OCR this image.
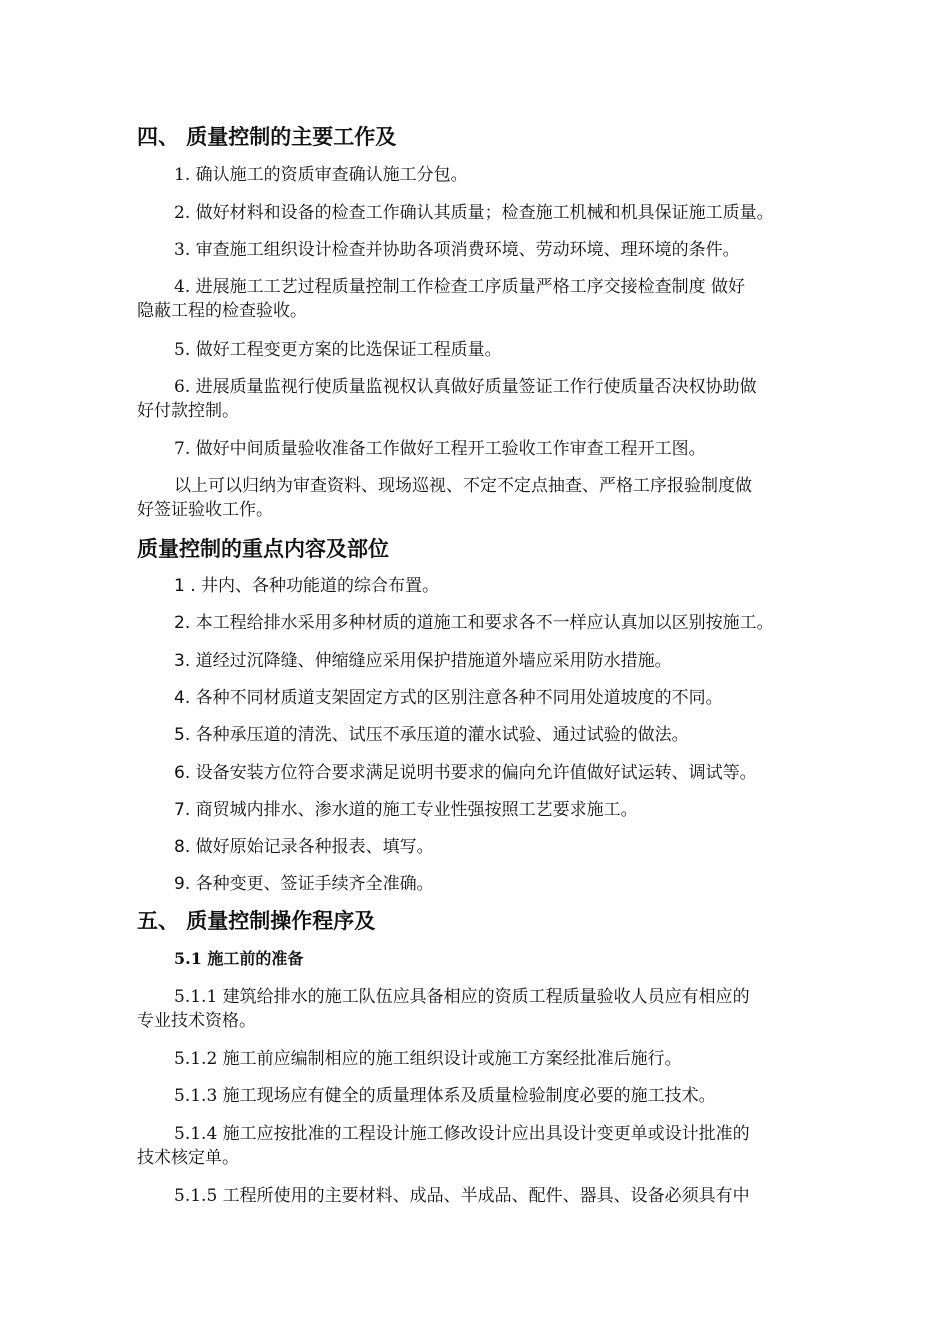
四、 质量控制的主要工作及
1. 确认施工的资质审查确认施工分包。
2. 做好材料和设备的检查工作确认其质量；检查施工机械和机具保证施工质量。
3. 审查施工组织设计检查并协助各项消费环境、劳动环境、理环境的条件。
4. 进展施工工艺过程质量控制工作检查工序质量严格工序交接检查制度 做好
隐蔽工程的检查验收。
5. 做好工程变更方案的比选保证工程质量。
6. 进展质量监视行使质量监视权认真做好质量签证工作行使质量否决权协助做
好付款控制。
7. 做好中间质量验收准备工作做好工程开工验收工作审查工程开工图。
以上可以归纳为审查资料、现场巡视、不定不定点抽查、严格工序报验制度做
好签证验收工作。
质量控制的重点内容及部位
1 . 井内、各种功能道的综合布置。
2. 本工程给排水采用多种材质的道施工和要求各不一样应认真加以区别按施工。
3. 道经过沉降缝、伸缩缝应采用保护措施道外墙应采用防水措施。
4. 各种不同材质道支架固定方式的区别注意各种不同用处道坡度的不同。
5. 各种承压道的清洗、试压不承压道的灌水试验、通过试验的做法。
6. 设备安装方位符合要求满足说明书要求的偏向允许值做好试运转、调试等。
7. 商贸城内排水、渗水道的施工专业性强按照工艺要求施工。
8. 做好原始记录各种报表、填写。
9. 各种变更、签证手续齐全准确。
五、 质量控制操作程序及
5.1 施工前的准备
5.1.1 建筑给排水的施工队伍应具备相应的资质工程质量验收人员应有相应的
专业技术资格。
5.1.2 施工前应编制相应的施工组织设计或施工方案经批准后施行。
5.1.3 施工现场应有健全的质量理体系及质量检验制度必要的施工技术。
5.1.4 施工应按批准的工程设计施工修改设计应出具设计变更单或设计批准的
技术核定单。
5.1.5 工程所使用的主要材料、成品、半成品、配件、器具、设备必须具有中
